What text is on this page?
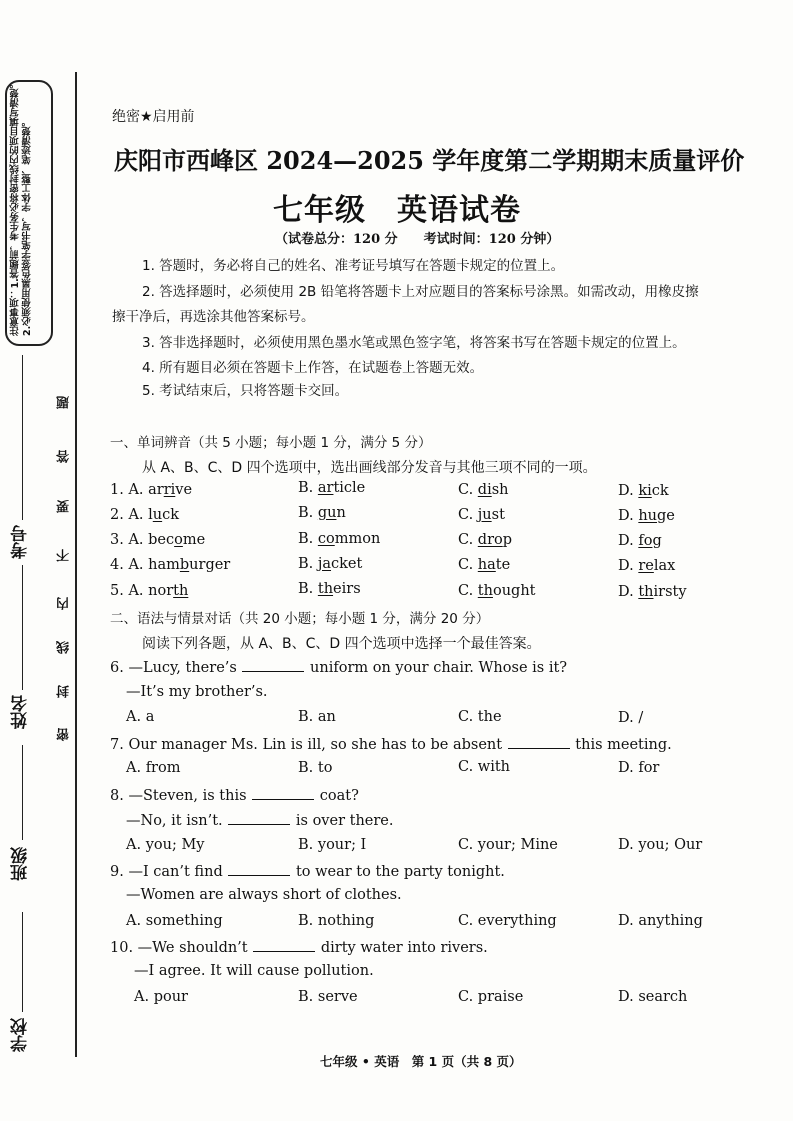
注意事项：1.答题前，考生务必将密封线内的项目填写清楚。
2.必须使用黑色签字笔书写，字体工整、笔迹清楚。
密
封
线
内
不
要
答
题
考号
姓名
班级
学校
绝密★启用前
庆阳市西峰区 2024—2025 学年度第二学期期末质量评价
七年级　英语试卷
（试卷总分：120 分　　考试时间：120 分钟）
1. 答题时，务必将自己的姓名、准考证号填写在答题卡规定的位置上。
2. 答选择题时，必须使用 2B 铅笔将答题卡上对应题目的答案标号涂黑。如需改动，用橡皮擦
擦干净后，再选涂其他答案标号。
3. 答非选择题时，必须使用黑色墨水笔或黑色签字笔，将答案书写在答题卡规定的位置上。
4. 所有题目必须在答题卡上作答，在试题卷上答题无效。
5. 考试结束后，只将答题卡交回。
一、单词辨音（共 5 小题；每小题 1 分，满分 5 分）
从 A、B、C、D 四个选项中，选出画线部分发音与其他三项不同的一项。
1. A. arrive	B. article	C. dish	D. kick
2. A. luck	B. gun	C. just	D. huge
3. A. become	B. common	C. drop	D. fog
4. A. hamburger	B. jacket	C. hate	D. relax
5. A. north	B. theirs	C. thought	D. thirsty
二、语法与情景对话（共 20 小题；每小题 1 分，满分 20 分）
阅读下列各题，从 A、B、C、D 四个选项中选择一个最佳答案。
6. —Lucy, there’s	uniform on your chair. Whose is it?
—It’s my brother’s.
A. a	B. an	C. the	D. /
7. Our manager Ms. Lin is ill, so she has to be absent	this meeting.
A. from	B. to	C. with	D. for
8. —Steven, is this	coat?
—No, it isn’t.	is over there.
A. you; My	B. your; I	C. your; Mine	D. you; Our
9. —I can’t find	to wear to the party tonight.
—Women are always short of clothes.
A. something	B. nothing	C. everything	D. anything
10. —We shouldn’t	dirty water into rivers.
—I agree. It will cause pollution.
A. pour	B. serve	C. praise	D. search
七年级 • 英语　第 1 页（共 8 页）
